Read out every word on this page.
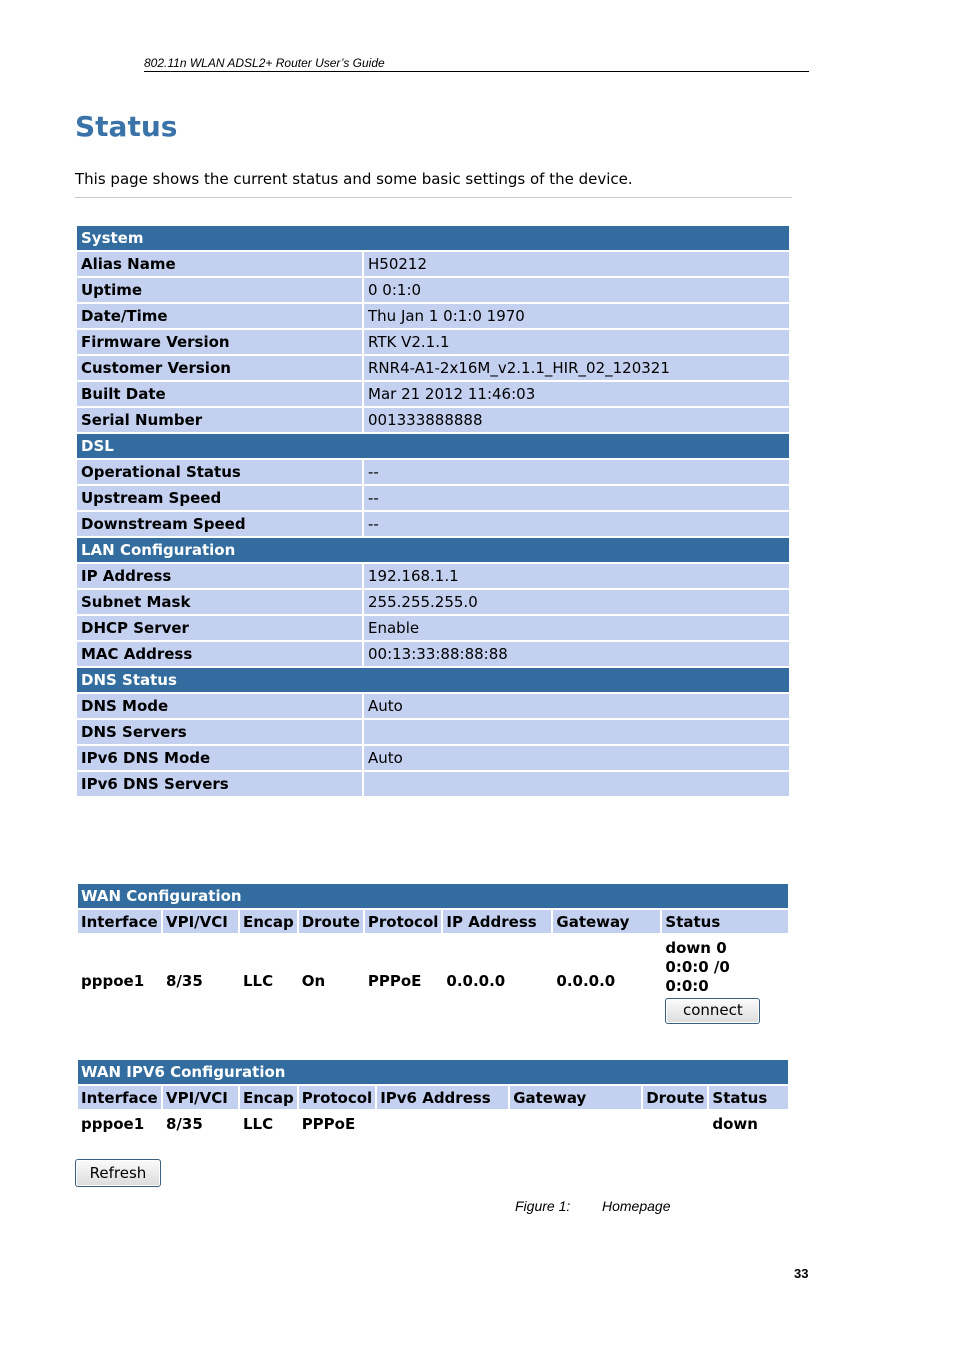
802.11n WLAN ADSL2+ Router User’s Guide
Status
This page shows the current status and some basic settings of the device.
System	
Alias Name	H50212
Uptime	0 0:1:0
Date/Time	Thu Jan 1 0:1:0 1970
Firmware Version	RTK V2.1.1
Customer Version	RNR4-A1-2x16M_v2.1.1_HIR_02_120321
Built Date	Mar 21 2012 11:46:03
Serial Number	001333888888
DSL	
Operational Status	--
Upstream Speed	--
Downstream Speed	--
LAN Configuration	
IP Address	192.168.1.1
Subnet Mask	255.255.255.0
DHCP Server	Enable
MAC Address	00:13:33:88:88:88
DNS Status	
DNS Mode	Auto
DNS Servers	
IPv6 DNS Mode	Auto
IPv6 DNS Servers	
WAN Configuration							
Interface	VPI/VCI	Encap	Droute	Protocol	IP Address	Gateway	Status
pppoe1	8/35	LLC	On	PPPoE	0.0.0.0	0.0.0.0	down 0
0:0:0 /0
0:0:0
connect
WAN IPV6 Configuration							
Interface	VPI/VCI	Encap	Protocol	IPv6 Address	Gateway	Droute	Status
pppoe1	8/35	LLC	PPPoE				down
Refresh
Figure 1: Homepage
33
